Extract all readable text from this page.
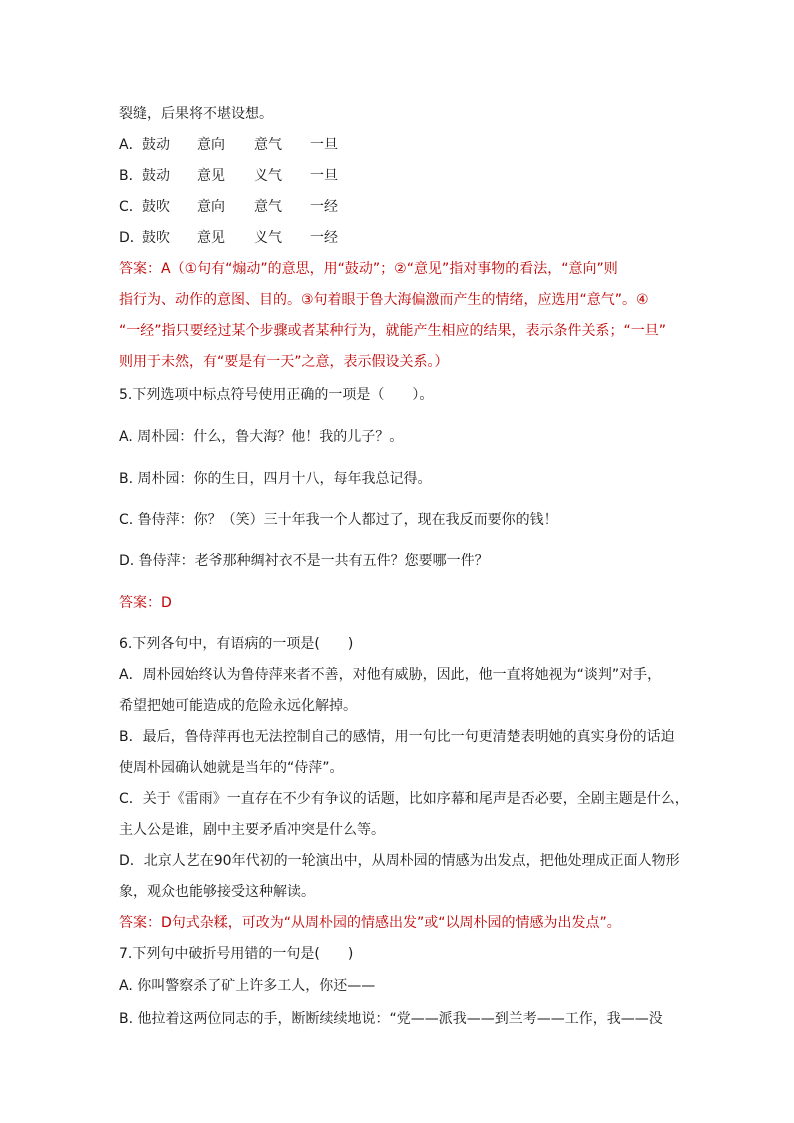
裂缝，后果将不堪设想。
A．鼓动 意向 意气 一旦
B．鼓动 意见 义气 一旦
C．鼓吹 意向 意气 一经
D．鼓吹 意见 义气 一经
答案：A（①句有“煽动”的意思，用“鼓动”；②“意见”指对事物的看法，“意向”则
指行为、动作的意图、目的。③句着眼于鲁大海偏激而产生的情绪，应选用“意气”。④
“一经”指只要经过某个步骤或者某种行为，就能产生相应的结果，表示条件关系；“一旦”
则用于未然，有“要是有一天”之意，表示假设关系。）
5.下列选项中标点符号使用正确的一项是（　　）。
A. 周朴园：什么，鲁大海？他！我的儿子？。
B. 周朴园：你的生日，四月十八，每年我总记得。
C. 鲁侍萍：你？（笑）三十年我一个人都过了，现在我反而要你的钱！
D. 鲁侍萍：老爷那种绸衬衣不是一共有五件？您要哪一件？
答案：D
6.下列各句中，有语病的一项是(　　)
A．周朴园始终认为鲁侍萍来者不善，对他有威胁，因此，他一直将她视为“谈判”对手，
希望把她可能造成的危险永远化解掉。
B．最后，鲁侍萍再也无法控制自己的感情，用一句比一句更清楚表明她的真实身份的话迫
使周朴园确认她就是当年的“侍萍”。
C．关于《雷雨》一直存在不少有争议的话题，比如序幕和尾声是否必要，全剧主题是什么，
主人公是谁，剧中主要矛盾冲突是什么等。
D．北京人艺在90年代初的一轮演出中，从周朴园的情感为出发点，把他处理成正面人物形
象，观众也能够接受这种解读。
答案：D句式杂糅，可改为“从周朴园的情感出发”或“以周朴园的情感为出发点”。
7.下列句中破折号用错的一句是(　　)
A. 你叫警察杀了矿上许多工人，你还——
B. 他拉着这两位同志的手，断断续续地说：“党——派我——到兰考——工作，我——没
